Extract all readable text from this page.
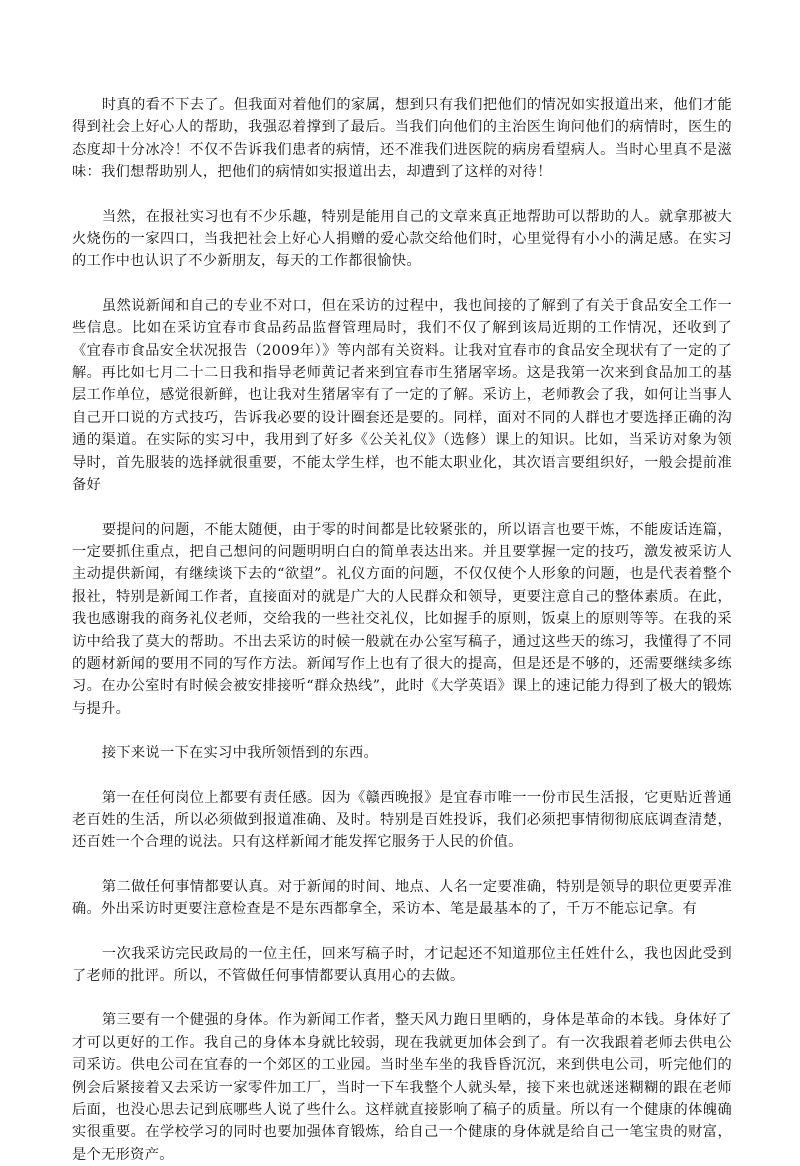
时真的看不下去了。但我面对着他们的家属，想到只有我们把他们的情况如实报道出来，他们才能得到社会上好心人的帮助，我强忍着撑到了最后。当我们向他们的主治医生询问他们的病情时，医生的态度却十分冰冷！不仅不告诉我们患者的病情，还不准我们进医院的病房看望病人。当时心里真不是滋味：我们想帮助别人，把他们的病情如实报道出去，却遭到了这样的对待！

当然，在报社实习也有不少乐趣，特别是能用自己的文章来真正地帮助可以帮助的人。就拿那被大火烧伤的一家四口，当我把社会上好心人捐赠的爱心款交给他们时，心里觉得有小小的满足感。在实习的工作中也认识了不少新朋友，每天的工作都很愉快。

虽然说新闻和自己的专业不对口，但在采访的过程中，我也间接的了解到了有关于食品安全工作一些信息。比如在采访宜春市食品药品监督管理局时，我们不仅了解到该局近期的工作情况，还收到了《宜春市食品安全状况报告（2009年）》等内部有关资料。让我对宜春市的食品安全现状有了一定的了解。再比如七月二十二日我和指导老师黄记者来到宜春市生猪屠宰场。这是我第一次来到食品加工的基层工作单位，感觉很新鲜，也让我对生猪屠宰有了一定的了解。采访上，老师教会了我，如何让当事人自己开口说的方式技巧，告诉我必要的设计圈套还是要的。同样，面对不同的人群也才要选择正确的沟通的渠道。在实际的实习中，我用到了好多《公关礼仪》（选修）课上的知识。比如，当采访对象为领导时，首先服装的选择就很重要，不能太学生样，也不能太职业化，其次语言要组织好，一般会提前准备好

要提问的问题，不能太随便，由于零的时间都是比较紧张的，所以语言也要干炼，不能废话连篇，一定要抓住重点，把自己想问的问题明明白白的简单表达出来。并且要掌握一定的技巧，激发被采访人主动提供新闻，有继续谈下去的“欲望”。礼仪方面的问题，不仅仅使个人形象的问题，也是代表着整个报社，特别是新闻工作者，直接面对的就是广大的人民群众和领导，更要注意自己的整体素质。在此，我也感谢我的商务礼仪老师，交给我的一些社交礼仪，比如握手的原则，饭桌上的原则等等。在我的采访中给我了莫大的帮助。不出去采访的时候一般就在办公室写稿子，通过这些天的练习，我懂得了不同的题材新闻的要用不同的写作方法。新闻写作上也有了很大的提高，但是还是不够的，还需要继续多练习。在办公室时有时候会被安排接听“群众热线”，此时《大学英语》课上的速记能力得到了极大的锻炼与提升。

接下来说一下在实习中我所领悟到的东西。

第一在任何岗位上都要有责任感。因为《赣西晚报》是宜春市唯一一份市民生活报，它更贴近普通老百姓的生活，所以必须做到报道准确、及时。特别是百姓投诉，我们必须把事情彻彻底底调查清楚，还百姓一个合理的说法。只有这样新闻才能发挥它服务于人民的价值。

第二做任何事情都要认真。对于新闻的时间、地点、人名一定要准确，特别是领导的职位更要弄准确。外出采访时更要注意检查是不是东西都拿全，采访本、笔是最基本的了，千万不能忘记拿。有

一次我采访完民政局的一位主任，回来写稿子时，才记起还不知道那位主任姓什么，我也因此受到了老师的批评。所以，不管做任何事情都要认真用心的去做。

第三要有一个健强的身体。作为新闻工作者，整天风力跑日里晒的，身体是革命的本钱。身体好了才可以更好的工作。我自己的身体本身就比较弱，现在我就更加体会到了。有一次我跟着老师去供电公司采访。供电公司在宜春的一个郊区的工业园。当时坐车坐的我昏昏沉沉，来到供电公司，听完他们的例会后紧接着又去采访一家零件加工厂，当时一下车我整个人就头晕，接下来也就迷迷糊糊的跟在老师后面，也没心思去记到底哪些人说了些什么。这样就直接影响了稿子的质量。所以有一个健康的体魄确实很重要。在学校学习的同时也要加强体育锻炼，给自己一个健康的身体就是给自己一笔宝贵的财富，是个无形资产。
